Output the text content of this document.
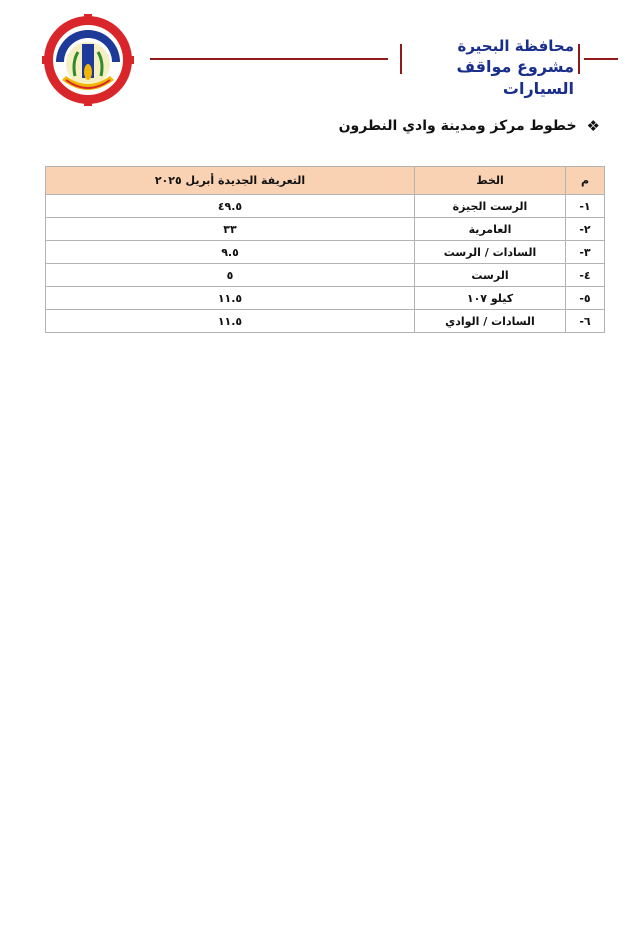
محافظة البحيرة
مشروع مواقف السيارات
❖
خطوط مركز ومدينة وادي النطرون
م	الخط	التعريفة الجديدة أبريل ٢٠٢٥
١-	الرست الجيزة	٤٩.٥
٢-	العامرية	٣٣
٣-	السادات / الرست	٩.٥
٤-	الرست	٥
٥-	كيلو ١٠٧	١١.٥
٦-	السادات / الوادي	١١.٥
